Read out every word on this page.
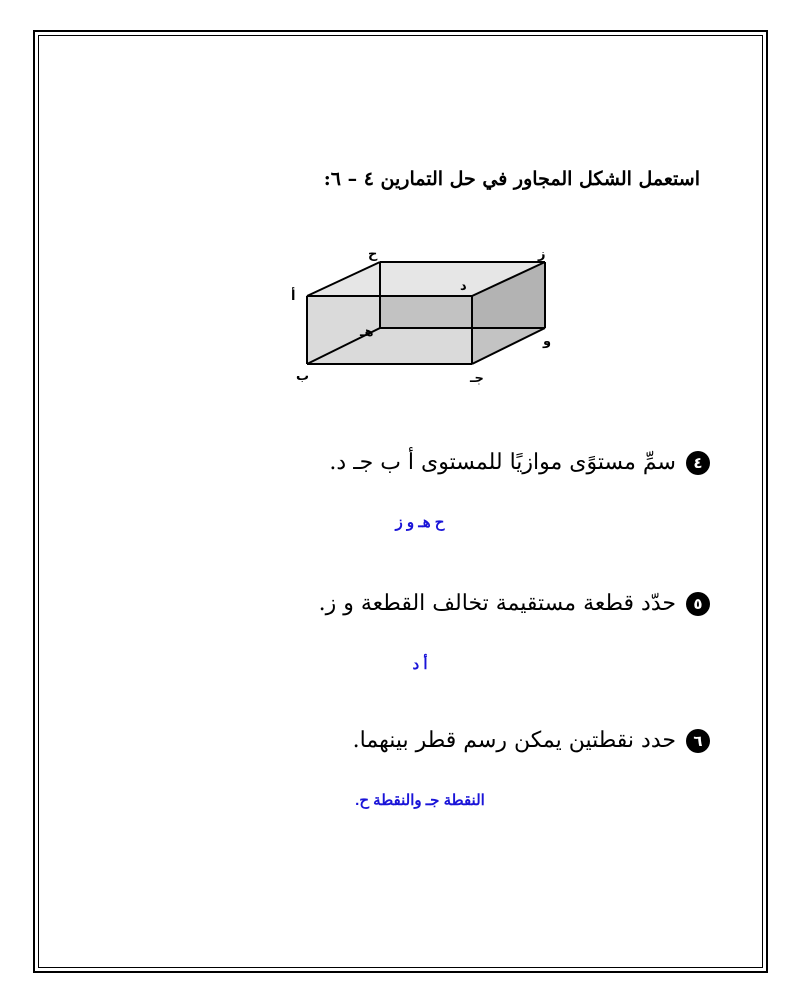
استعمل الشكل المجاور في حل التمارين ٤ – ٦:
أ
ب	جـ
د
هـ
و
ز
ح
٤سمِّ مستوًى موازيًا للمستوى أ ب جـ د.
ح هـ و ز
٥حدّد قطعة مستقيمة تخالف القطعة و ز.
أ د
٦حدد نقطتين يمكن رسم قطر بينهما.
النقطة جـ والنقطة ح.
